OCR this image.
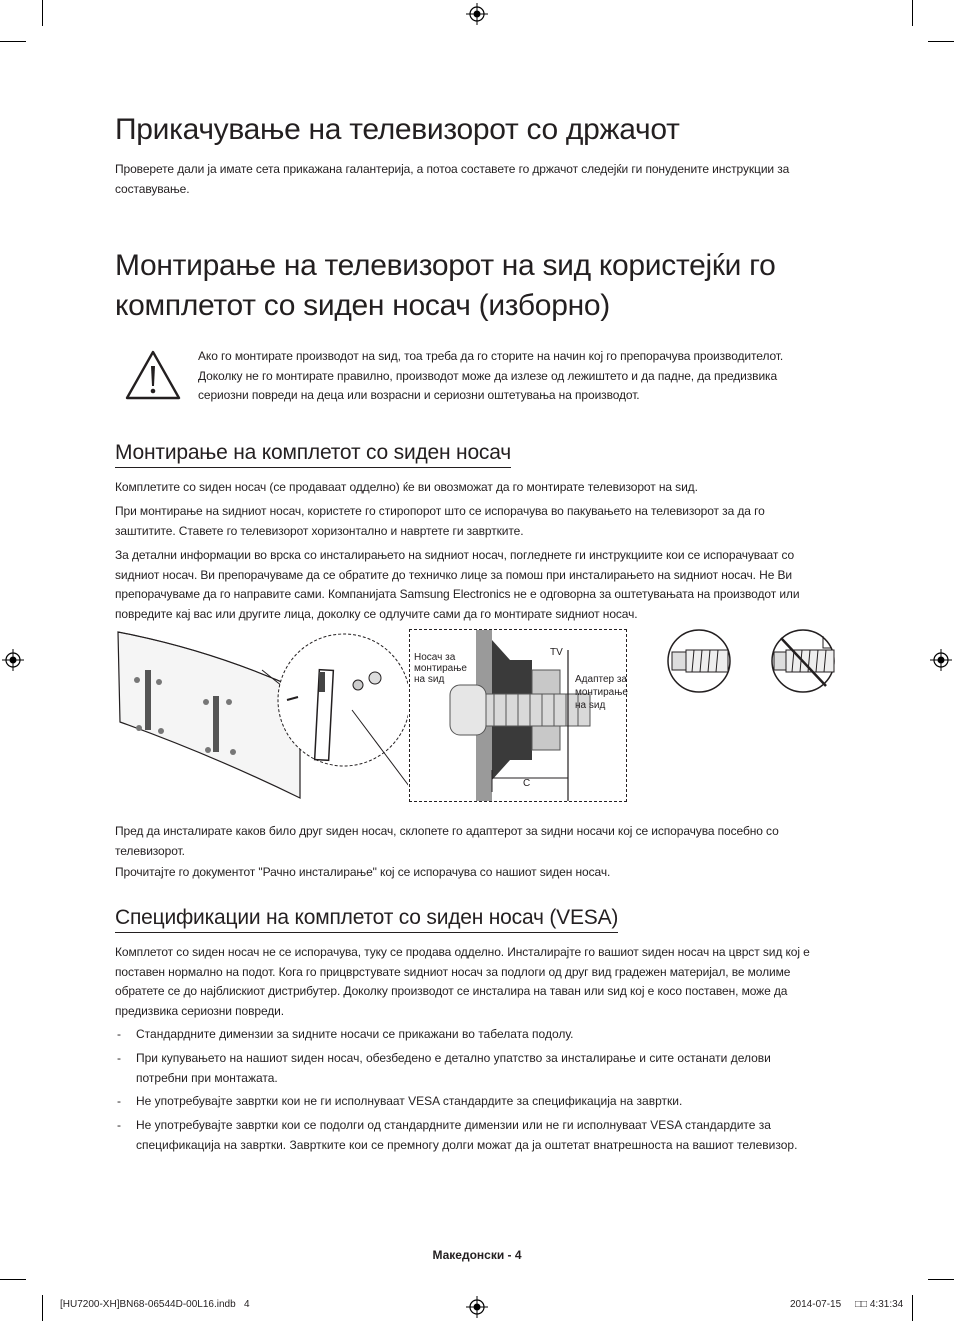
Прикачување на телевизорот со држачот

Проверете дали ја имате сета прикажана галантерија, а потоа составете го држачот следејќи ги понудените инструкции за составување.

Монтирање на телевизорот на ѕид користејќи го комплетот со ѕиден носач (изборно)

Ако го монтирате производот на ѕид, тоа треба да го сторите на начин кој го препорачува производителот. Доколку не го монтирате правилно, производот може да излезе од лежиштето и да падне, да предизвика сериозни повреди на деца или возрасни и сериозни оштетувања на производот.

Монтирање на комплетот со ѕиден носач

Комплетите со ѕиден носач (се продаваат одделно) ќе ви овозможат да го монтирате телевизорот на ѕид.

При монтирање на ѕидниот носач, користете го стиропорот што се испорачува во пакувањето на телевизорот за да го заштитите. Ставете го телевизорот хоризонтално и навртете ги завртките.

За детални информации во врска со инсталирањето на ѕидниот носач, погледнете ги инструкциите кои се испорачуваат со ѕидниот носач. Ви препорачуваме да се обратите до техничко лице за помош при инсталирањето на ѕидниот носач. Не Ви препорачуваме да го направите сами. Компанијата Samsung Electronics не е одговорна за оштетувањата на производот или повредите кај вас или другите лица, доколку се одлучите сами да го монтирате ѕидниот носач.

Носач за
монтирање
на ѕид
TV
Адаптер за
монтирање
на ѕид
C

Пред да инсталирате каков било друг ѕиден носач, склопете го адаптерот за ѕидни носачи кој се испорачува посебно со телевизорот.

Прочитајте го документот "Рачно инсталирање" кој се испорачува со нашиот ѕиден носач.

Спецификации на комплетот со ѕиден носач (VESA)

Комплетот со ѕиден носач не се испорачува, туку се продава одделно. Инсталирајте го вашиот ѕиден носач на цврст ѕид кој е поставен нормално на подот. Кога го прицврстувате ѕидниот носач за подлоги од друг вид градежен материјал, ве молиме обратете се до најблискиот дистрибутер. Доколку производот се инсталира на таван или ѕид кој е косо поставен, може да предизвика сериозни повреди.

- Стандардните димензии за ѕидните носачи се прикажани во табелата подолу.
- При купувањето на нашиот ѕиден носач, обезбедено е детално упатство за инсталирање и сите останати делови потребни при монтажата.
- Не употребувајте завртки кои не ги исполнуваат VESA стандардите за спецификација на завртки.
- Не употребувајте завртки кои се подолги од стандардните димензии или не ги исполнуваат VESA стандардите за спецификација на завртки. Завртките кои се премногу долги можат да ја оштетат внатрешноста на вашиот телевизор.
Македонски - 4
[HU7200-XH]BN68-06544D-00L16.indb   4	2014-07-15 □□ 4:31:34
